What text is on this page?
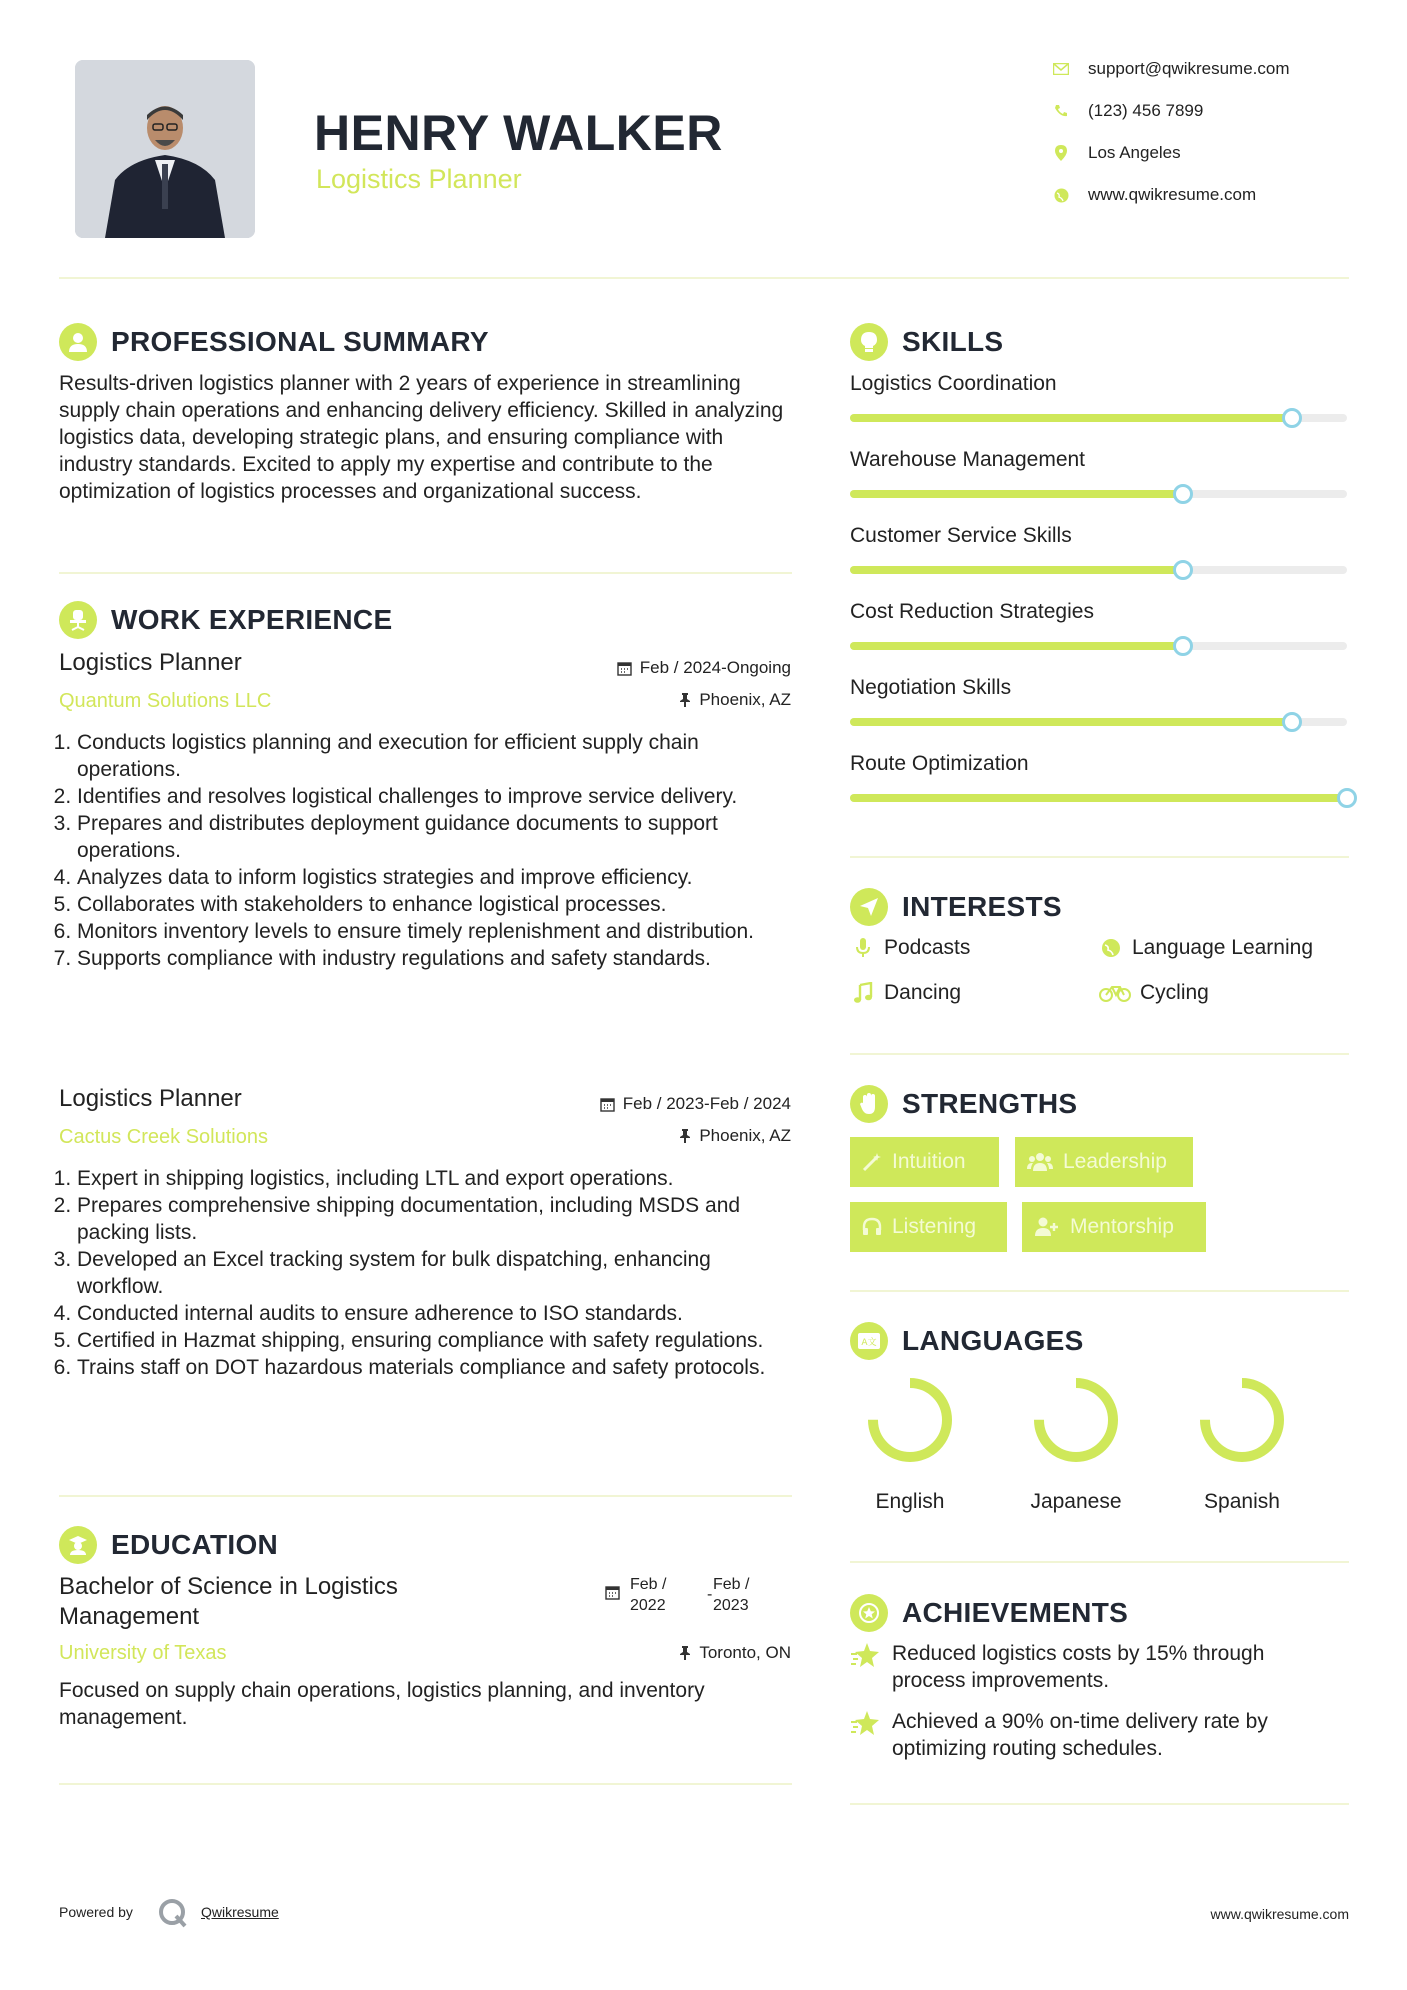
HENRY WALKER
Logistics Planner
support@qwikresume.com
(123) 456 7899
Los Angeles
www.qwikresume.com
PROFESSIONAL SUMMARY
Results-driven logistics planner with 2 years of experience in streamlining supply chain operations and enhancing delivery efficiency. Skilled in analyzing logistics data, developing strategic plans, and ensuring compliance with industry standards. Excited to apply my expertise and contribute to the optimization of logistics processes and organizational success.
WORK EXPERIENCE
Logistics Planner	Feb / 2024-Ongoing
Quantum Solutions LLC	Phoenix, AZ
1. Conducts logistics planning and execution for efficient supply chain operations.
2. Identifies and resolves logistical challenges to improve service delivery.
3. Prepares and distributes deployment guidance documents to support operations.
4. Analyzes data to inform logistics strategies and improve efficiency.
5. Collaborates with stakeholders to enhance logistical processes.
6. Monitors inventory levels to ensure timely replenishment and distribution.
7. Supports compliance with industry regulations and safety standards.
Logistics Planner	Feb / 2023-Feb / 2024
Cactus Creek Solutions	Phoenix, AZ
1. Expert in shipping logistics, including LTL and export operations.
2. Prepares comprehensive shipping documentation, including MSDS and packing lists.
3. Developed an Excel tracking system for bulk dispatching, enhancing workflow.
4. Conducted internal audits to ensure adherence to ISO standards.
5. Certified in Hazmat shipping, ensuring compliance with safety regulations.
6. Trains staff on DOT hazardous materials compliance and safety protocols.
EDUCATION
Bachelor of Science in Logistics Management
Feb /
2022
-
Feb /
2023
University of Texas	Toronto, ON
Focused on supply chain operations, logistics planning, and inventory management.
SKILLS
Logistics Coordination
Warehouse Management
Customer Service Skills
Cost Reduction Strategies
Negotiation Skills
Route Optimization
INTERESTS
Podcasts	Language Learning
Dancing	Cycling
STRENGTHS
Intuition	Leadership
Listening	Mentorship
A文 LANGUAGES
English	Japanese	Spanish
ACHIEVEMENTS
Reduced logistics costs by 15% through process improvements.
Achieved a 90% on-time delivery rate by optimizing routing schedules.
Powered by	Qwikresume	www.qwikresume.com
